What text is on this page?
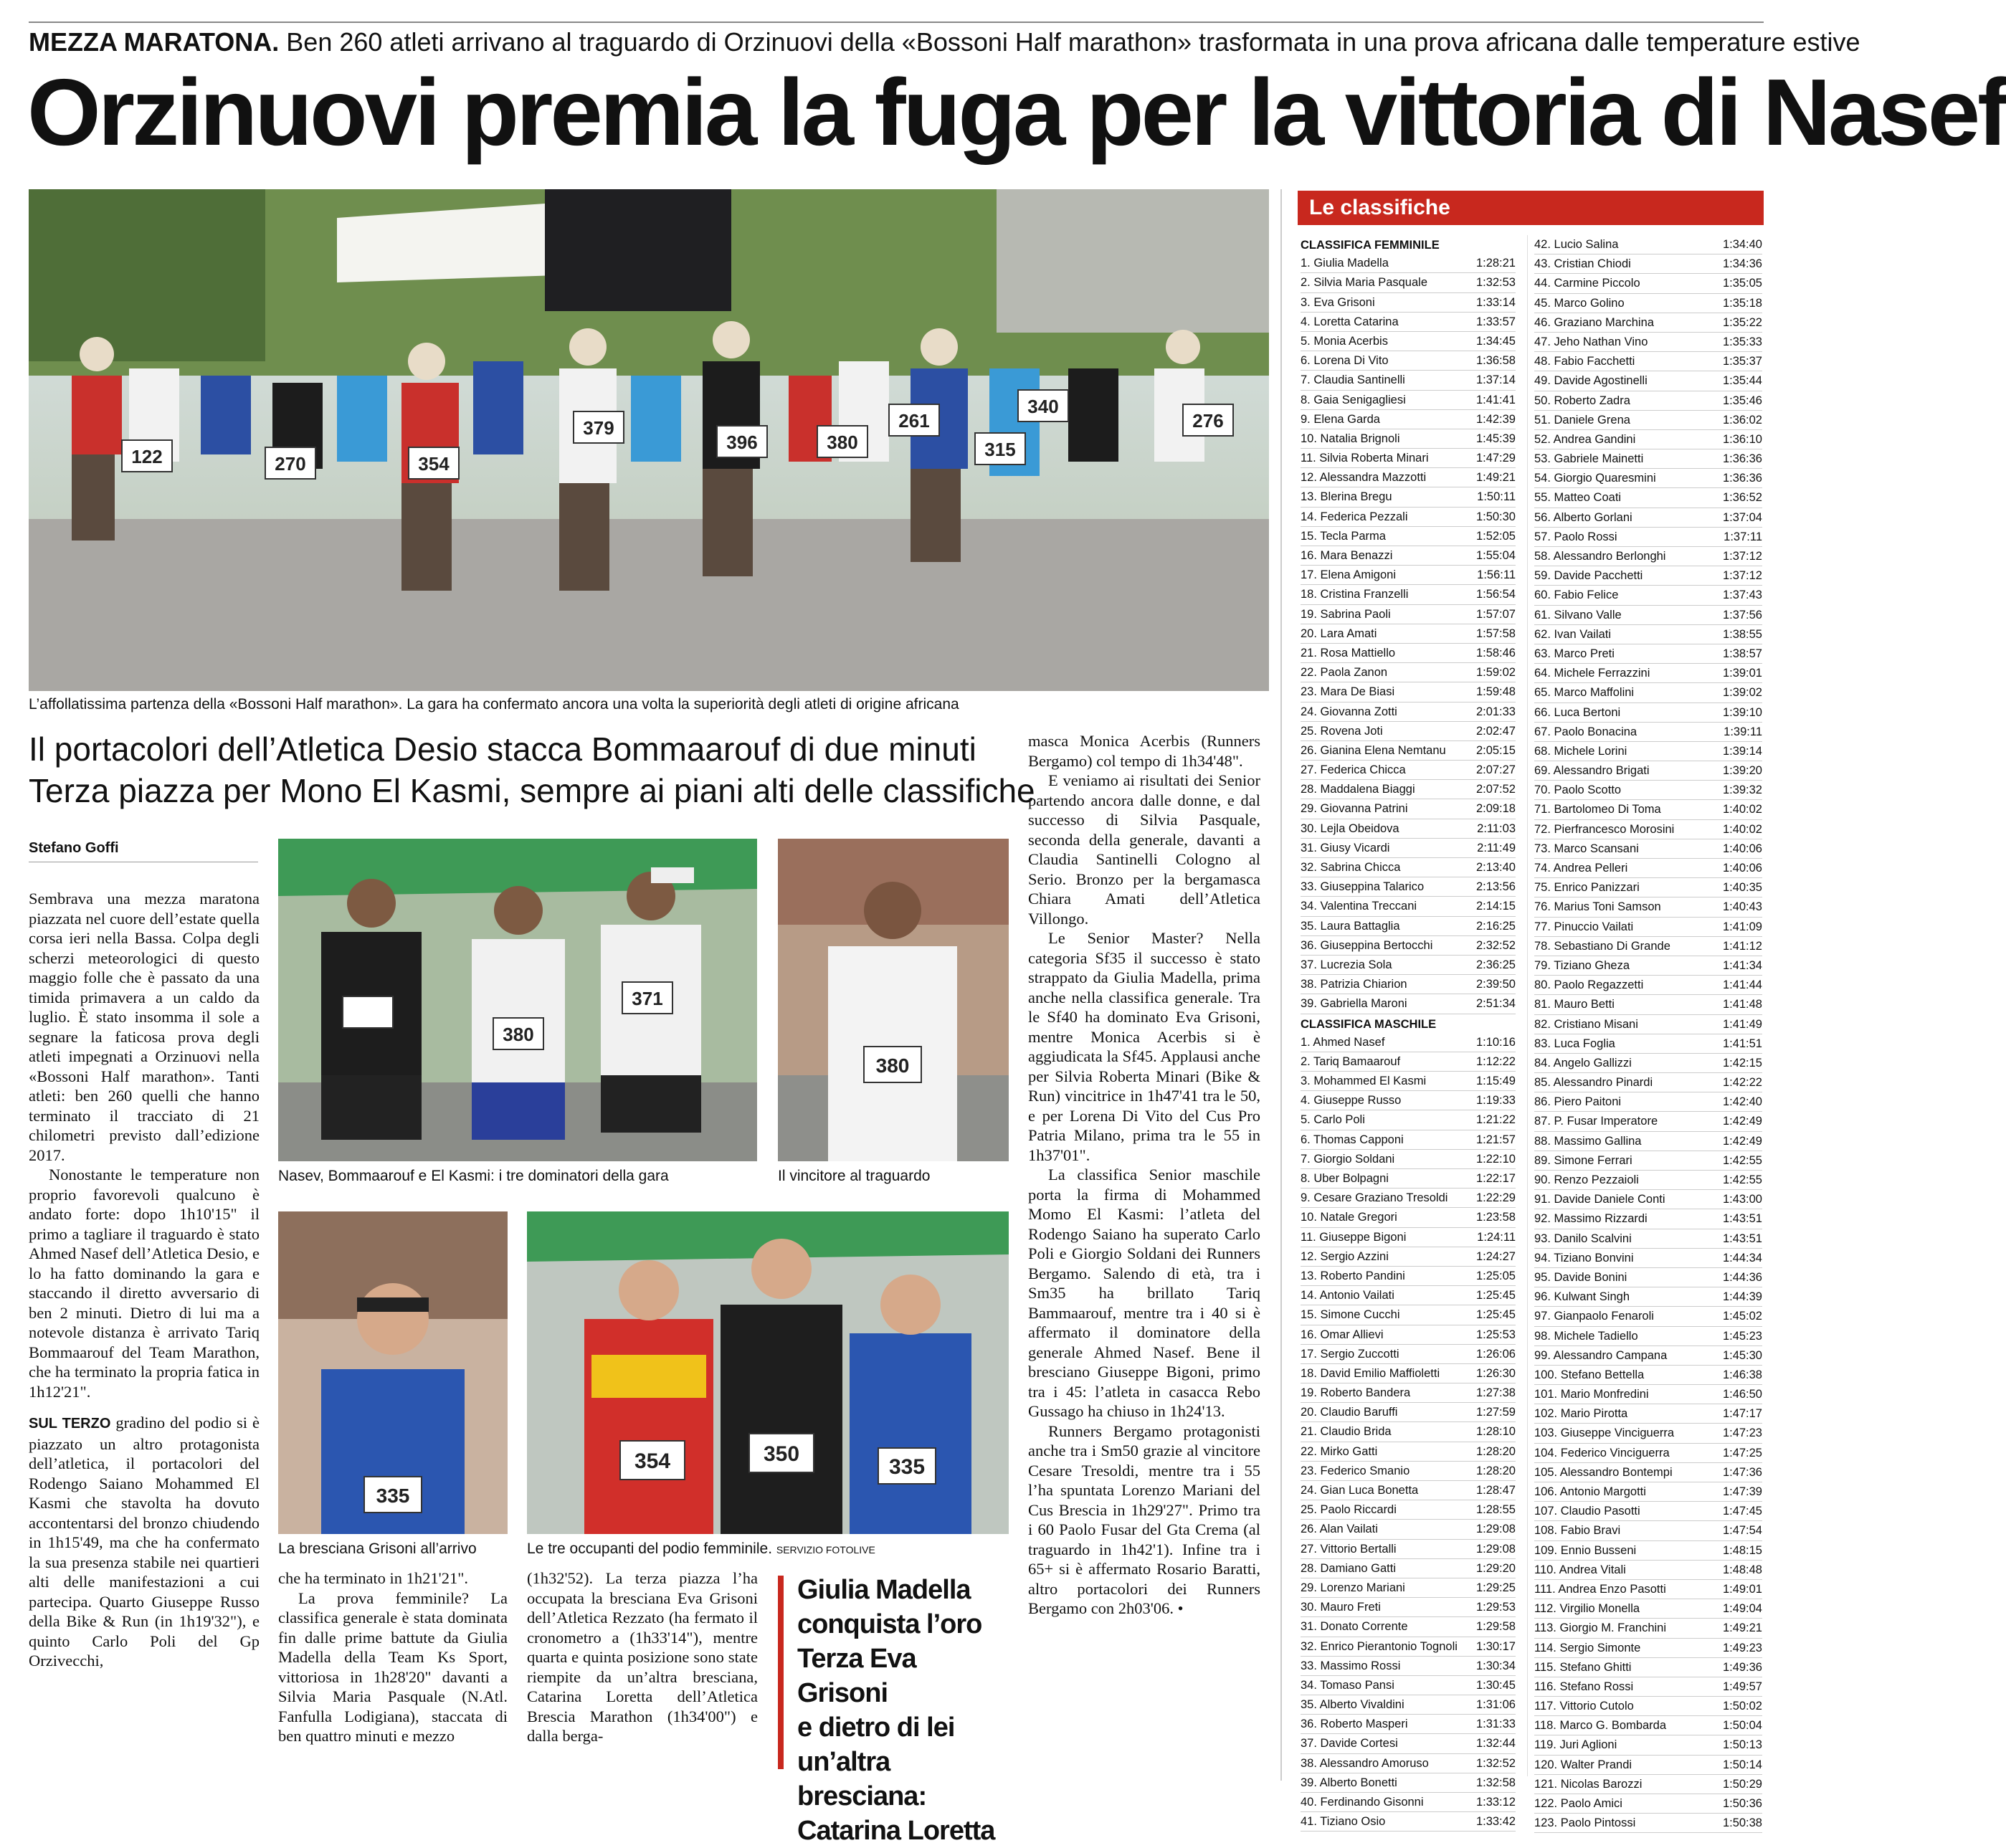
MEZZA MARATONA. Ben 260 atleti arrivano al traguardo di Orzinuovi della «Bossoni Half marathon» trasformata in una prova africana dalle temperature estive
Orzinuovi premia la fuga per la vittoria di Nasef
379
380
261	276
354
270
122	315
396
340
L’affollatissima partenza della «Bossoni Half marathon». La gara ha confermato ancora una volta la superiorità degli atleti di origine africana
Il portacolori dell’Atletica Desio stacca Bommaarouf di due minuti
Terza piazza per Mono El Kasmi, sempre ai piani alti delle classifiche
Stefano Goffi
380
371
Nasev, Bommaarouf e El Kasmi: i tre dominatori della gara
380
Il vincitore al traguardo
335
La bresciana Grisoni all’arrivo
354	350
335
Le tre occupanti del podio femminile. SERVIZIO FOTOLIVE

Sembrava una mezza maratona piazzata nel cuore dell’estate quella corsa ieri nella Bassa. Colpa degli scherzi meteorologici di questo maggio folle che è passato da una timida primavera a un caldo da luglio. È stato insomma il sole a segnare la faticosa prova degli atleti impegnati a Orzinuovi nella «Bossoni Half marathon». Tanti atleti: ben 260 quelli che hanno terminato il tracciato di 21 chilometri previsto dall’edizione 2017.

Nonostante le temperature non proprio favorevoli qualcuno è andato forte: dopo 1h10'15" il primo a tagliare il traguardo è stato Ahmed Nasef dell’Atletica Desio, e lo ha fatto dominando la gara e staccando il diretto avversario di ben 2 minuti. Dietro di lui ma a notevole distanza è arrivato Tariq Bommaarouf del Team Marathon, che ha terminato la propria fatica in 1h12'21".

SUL TERZO gradino del podio si è piazzato un altro protagonista dell’atletica, il portacolori del Rodengo Saiano Mohammed El Kasmi che stavolta ha dovuto accontentarsi del bronzo chiudendo in 1h15'49, ma che ha confermato la sua presenza stabile nei quartieri alti delle manifestazioni a cui partecipa. Quarto Giuseppe Russo della Bike & Run (in 1h19'32"), e quinto Carlo Poli del Gp Orzivecchi,

che ha terminato in 1h21'21".

La prova femminile? La classifica generale è stata dominata fin dalle prime battute da Giulia Madella della Team Ks Sport, vittoriosa in 1h28'20" davanti a Silvia Maria Pasquale (N.Atl. Fanfulla Lodigiana), staccata di ben quattro minuti e mezzo

(1h32'52). La terza piazza l’ha occupata la bresciana Eva Grisoni dell’Atletica Rezzato (ha fermato il cronometro a (1h33'14"), mentre quarta e quinta posizione sono state riempite da un’altra bresciana, Catarina Loretta dell’Atletica Brescia Marathon (1h34'00") e dalla berga-

Giulia Madella
conquista l’oro
Terza Eva Grisoni
e dietro di lei
un’altra bresciana:
Catarina Loretta

masca Monica Acerbis (Runners Bergamo) col tempo di 1h34'48".

E veniamo ai risultati dei Senior partendo ancora dalle donne, e dal successo di Silvia Pasquale, seconda della generale, davanti a Claudia Santinelli Cologno al Serio. Bronzo per la bergamasca Chiara Amati dell’Atletica Villongo.

Le Senior Master? Nella categoria Sf35 il successo è stato strappato da Giulia Madella, prima anche nella classifica generale. Tra le Sf40 ha dominato Eva Grisoni, mentre Monica Acerbis si è aggiudicata la Sf45. Applausi anche per Silvia Roberta Minari (Bike & Run) vincitrice in 1h47'41 tra le 50, e per Lorena Di Vito del Cus Pro Patria Milano, prima tra le 55 in 1h37'01".

La classifica Senior maschile porta la firma di Mohammed Momo El Kasmi: l’atleta del Rodengo Saiano ha superato Carlo Poli e Giorgio Soldani dei Runners Bergamo. Salendo di età, tra i Sm35 ha brillato Tariq Bammaarouf, mentre tra i 40 si è affermato il dominatore della generale Ahmed Nasef. Bene il bresciano Giuseppe Bigoni, primo tra i 45: l’atleta in casacca Rebo Gussago ha chiuso in 1h24'13.

Runners Bergamo protagonisti anche tra i Sm50 grazie al vincitore Cesare Tresoldi, mentre tra i 55 l’ha spuntata Lorenzo Mariani del Cus Brescia in 1h29'27". Primo tra i 60 Paolo Fusar del Gta Crema (al traguardo in 1h42'1). Infine tra i 65+ si è affermato Rosario Baratti, altro portacolori dei Runners Bergamo con 2h03'06. •

Le classifiche
CLASSIFICA FEMMINILE
1. Giulia Madella	1:28:21
2. Silvia Maria Pasquale	1:32:53
3. Eva Grisoni	1:33:14
4. Loretta Catarina	1:33:57
5. Monia Acerbis	1:34:45
6. Lorena Di Vito	1:36:58
7. Claudia Santinelli	1:37:14
8. Gaia Senigagliesi	1:41:41
9. Elena Garda	1:42:39
10. Natalia Brignoli	1:45:39
11. Silvia Roberta Minari	1:47:29
12. Alessandra Mazzotti	1:49:21
13. Blerina Bregu	1:50:11
14. Federica Pezzali	1:50:30
15. Tecla Parma	1:52:05
16. Mara Benazzi	1:55:04
17. Elena Amigoni	1:56:11
18. Cristina Franzelli	1:56:54
19. Sabrina Paoli	1:57:07
20. Lara Amati	1:57:58
21. Rosa Mattiello	1:58:46
22. Paola Zanon	1:59:02
23. Mara De Biasi	1:59:48
24. Giovanna Zotti	2:01:33
25. Rovena Joti	2:02:47
26. Gianina Elena Nemtanu	2:05:15
27. Federica Chicca	2:07:27
28. Maddalena Biaggi	2:07:52
29. Giovanna Patrini	2:09:18
30. Lejla Obeidova	2:11:03
31. Giusy Vicardi	2:11:49
32. Sabrina Chicca	2:13:40
33. Giuseppina Talarico	2:13:56
34. Valentina Treccani	2:14:15
35. Laura Battaglia	2:16:25
36. Giuseppina Bertocchi	2:32:52
37. Lucrezia Sola	2:36:25
38. Patrizia Chiarion	2:39:50
39. Gabriella Maroni	2:51:34
CLASSIFICA MASCHILE
1. Ahmed Nasef	1:10:16
2. Tariq Bamaarouf	1:12:22
3. Mohammed El Kasmi	1:15:49
4. Giuseppe Russo	1:19:33
5. Carlo Poli	1:21:22
6. Thomas Capponi	1:21:57
7. Giorgio Soldani	1:22:10
8. Uber Bolpagni	1:22:17
9. Cesare Graziano Tresoldi 1:22:29
10. Natale Gregori	1:23:58
11. Giuseppe Bigoni	1:24:11
12. Sergio Azzini	1:24:27
13. Roberto Pandini	1:25:05
14. Antonio Vailati	1:25:45
15. Simone Cucchi	1:25:45
16. Omar Allievi	1:25:53
17. Sergio Zuccotti	1:26:06
18. David Emilio Maffioletti	1:26:30
19. Roberto Bandera	1:27:38
20. Claudio Baruffi	1:27:59
21. Claudio Brida	1:28:10
22. Mirko Gatti	1:28:20
23. Federico Smanio	1:28:20
24. Gian Luca Bonetta	1:28:47
25. Paolo Riccardi	1:28:55
26. Alan Vailati	1:29:08
27. Vittorio Bertalli	1:29:08
28. Damiano Gatti	1:29:20
29. Lorenzo Mariani	1:29:25
30. Mauro Freti	1:29:53
31. Donato Corrente	1:29:58
32. Enrico Pierantonio Tognoli 1:30:17
33. Massimo Rossi	1:30:34
34. Tomaso Pansi	1:30:45
35. Alberto Vivaldini	1:31:06
36. Roberto Masperi	1:31:33
37. Davide Cortesi	1:32:44
38. Alessandro Amoruso	1:32:52
39. Alberto Bonetti	1:32:58
40. Ferdinando Gisonni	1:33:12
41. Tiziano Osio	1:33:42
42. Lucio Salina	1:34:40
43. Cristian Chiodi	1:34:36
44. Carmine Piccolo	1:35:05
45. Marco Golino	1:35:18
46. Graziano Marchina	1:35:22
47. Jeho Nathan Vino	1:35:33
48. Fabio Facchetti	1:35:37
49. Davide Agostinelli	1:35:44
50. Roberto Zadra	1:35:46
51. Daniele Grena	1:36:02
52. Andrea Gandini	1:36:10
53. Gabriele Mainetti	1:36:36
54. Giorgio Quaresmini	1:36:36
55. Matteo Coati	1:36:52
56. Alberto Gorlani	1:37:04
57. Paolo Rossi	1:37:11
58. Alessandro Berlonghi	1:37:12
59. Davide Pacchetti	1:37:12
60. Fabio Felice	1:37:43
61. Silvano Valle	1:37:56
62. Ivan Vailati	1:38:55
63. Marco Preti	1:38:57
64. Michele Ferrazzini	1:39:01
65. Marco Maffolini	1:39:02
66. Luca Bertoni	1:39:10
67. Paolo Bonacina	1:39:11
68. Michele Lorini	1:39:14
69. Alessandro Brigati	1:39:20
70. Paolo Scotto	1:39:32
71. Bartolomeo Di Toma	1:40:02
72. Pierfrancesco Morosini	1:40:02
73. Marco Scansani	1:40:06
74. Andrea Pelleri	1:40:06
75. Enrico Panizzari	1:40:35
76. Marius Toni Samson	1:40:43
77. Pinuccio Vailati	1:41:09
78. Sebastiano Di Grande	1:41:12
79. Tiziano Gheza	1:41:34
80. Paolo Regazzetti	1:41:44
81. Mauro Betti	1:41:48
82. Cristiano Misani	1:41:49
83. Luca Foglia	1:41:51
84. Angelo Gallizzi	1:42:15
85. Alessandro Pinardi	1:42:22
86. Piero Paitoni	1:42:40
87. P. Fusar Imperatore	1:42:49
88. Massimo Gallina	1:42:49
89. Simone Ferrari	1:42:55
90. Renzo Pezzaioli	1:42:55
91. Davide Daniele Conti	1:43:00
92. Massimo Rizzardi	1:43:51
93. Danilo Scalvini	1:43:51
94. Tiziano Bonvini	1:44:34
95. Davide Bonini	1:44:36
96. Kulwant Singh	1:44:39
97. Gianpaolo Fenaroli	1:45:02
98. Michele Tadiello	1:45:23
99. Alessandro Campana	1:45:30
100. Stefano Bettella	1:46:38
101. Mario Monfredini	1:46:50
102. Mario Pirotta	1:47:17
103. Giuseppe Vinciguerra	1:47:23
104. Federico Vinciguerra	1:47:25
105. Alessandro Bontempi	1:47:36
106. Antonio Margotti	1:47:39
107. Claudio Pasotti	1:47:45
108. Fabio Bravi	1:47:54
109. Ennio Busseni	1:48:15
110. Andrea Vitali	1:48:48
111. Andrea Enzo Pasotti	1:49:01
112. Virgilio Monella	1:49:04
113. Giorgio M. Franchini	1:49:21
114. Sergio Simonte	1:49:23
115. Stefano Ghitti	1:49:36
116. Stefano Rossi	1:49:57
117. Vittorio Cutolo	1:50:02
118. Marco G. Bombarda	1:50:04
119. Juri Aglioni	1:50:13
120. Walter Prandi	1:50:14
121. Nicolas Barozzi	1:50:29
122. Paolo Amici	1:50:36
123. Paolo Pintossi	1:50:38
